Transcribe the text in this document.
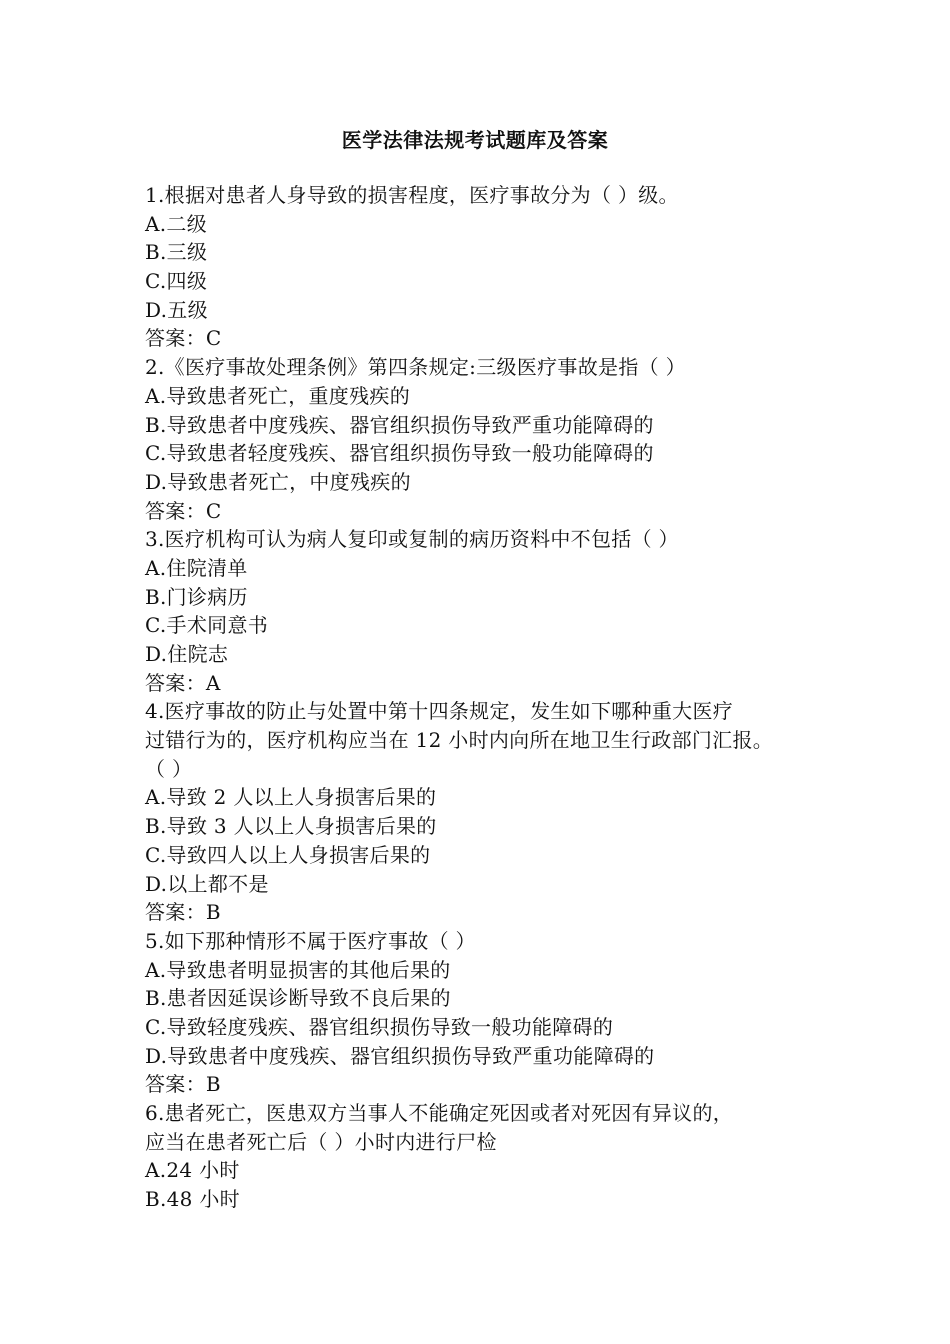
医学法律法规考试题库及答案
1.根据对患者人身导致的损害程度，医疗事故分为（ ）级。
A.二级
B.三级
C.四级
D.五级
答案：C
2.《医疗事故处理条例》第四条规定:三级医疗事故是指（ ）
A.导致患者死亡，重度残疾的
B.导致患者中度残疾、器官组织损伤导致严重功能障碍的
C.导致患者轻度残疾、器官组织损伤导致一般功能障碍的
D.导致患者死亡，中度残疾的
答案：C
3.医疗机构可认为病人复印或复制的病历资料中不包括（ ）
A.住院清单
B.门诊病历
C.手术同意书
D.住院志
答案：A
4.医疗事故的防止与处置中第十四条规定，发生如下哪种重大医疗
过错行为的，医疗机构应当在 12 小时内向所在地卫生行政部门汇报。
（ ）
A.导致 2 人以上人身损害后果的
B.导致 3 人以上人身损害后果的
C.导致四人以上人身损害后果的
D.以上都不是
答案：B
5.如下那种情形不属于医疗事故（ ）
A.导致患者明显损害的其他后果的
B.患者因延误诊断导致不良后果的
C.导致轻度残疾、器官组织损伤导致一般功能障碍的
D.导致患者中度残疾、器官组织损伤导致严重功能障碍的
答案：B
6.患者死亡，医患双方当事人不能确定死因或者对死因有异议的，
应当在患者死亡后（ ）小时内进行尸检
A.24 小时
B.48 小时
